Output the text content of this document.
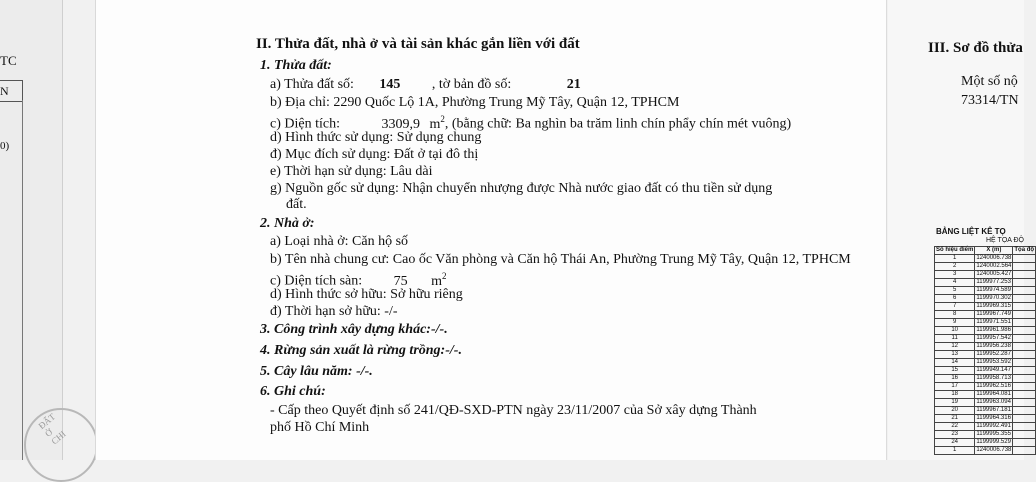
TC
N
0)
ĐẤT Ở CHI
II. Thửa đất, nhà ở và tài sản khác gắn liền với đất
1. Thửa đất:
a) Thửa đất số: 145 , tờ bản đồ số:	21
b) Địa chỉ: 2290 Quốc Lộ 1A, Phường Trung Mỹ Tây, Quận 12, TPHCM
c) Diện tích:	3309,9 $m^2$, (bằng chữ: Ba nghìn ba trăm linh chín phẩy chín mét vuông)
d) Hình thức sử dụng: Sử dụng chung
đ) Mục đích sử dụng: Đất ở tại đô thị
e) Thời hạn sử dụng: Lâu dài
g) Nguồn gốc sử dụng: Nhận chuyển nhượng được Nhà nước giao đất có thu tiền sử dụng
đất.
2. Nhà ở:
a) Loại nhà ở: Căn hộ số
b) Tên nhà chung cư: Cao ốc Văn phòng và Căn hộ Thái An, Phường Trung Mỹ Tây, Quận 12, TPHCM
c) Diện tích sàn: 75 $m^2$
d) Hình thức sở hữu: Sở hữu riêng
đ) Thời hạn sở hữu: -/-
3. Công trình xây dựng khác:-/-.
4. Rừng sản xuất là rừng trồng:-/-.
5. Cây lâu năm: -/-.
6. Ghi chú:
- Cấp theo Quyết định số 241/QĐ-SXD-PTN ngày 23/11/2007 của Sở xây dựng Thành
phố Hồ Chí Minh
III. Sơ đồ thửa
Một số nộ
73314/TN
BẢNG LIỆT KÊ TỌ
HỆ TỌA ĐỘ
Số hiệu điểm	X (m)	Tọa độ
1	1240006.738	
2	1240002.564	
3	1240005.427	
4	1199977.253	
5	1199974.589	
6	1199970.302	
7	1199969.315	
8	1199967.749	
9	1199971.551	
10	1199961.986	
11	1199957.542	
12	1199956.238	
13	1199952.287	
14	1199953.592	
15	1199949.147	
16	1199958.713	
17	1199962.516	
18	1199964.081	
19	1199963.094	
20	1199967.181	
21	1199964.316	
22	1199992.491	
23	1199995.355	
24	1199999.529	
1	1240006.738	
